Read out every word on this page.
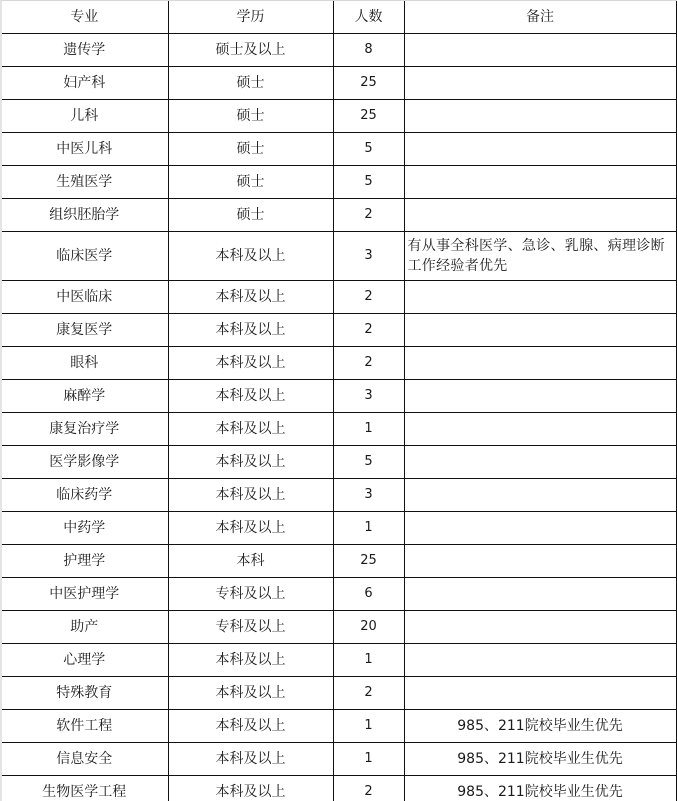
专业	学历	人数	备注
遗传学	硕士及以上	8	
妇产科	硕士	25	
儿科	硕士	25	
中医儿科	硕士	5	
生殖医学	硕士	5	
组织胚胎学	硕士	2	
临床医学	本科及以上	3	有从事全科医学、急诊、乳腺、病理诊断工作经验者优先
中医临床	本科及以上	2	
康复医学	本科及以上	2	
眼科	本科及以上	2	
麻醉学	本科及以上	3	
康复治疗学	本科及以上	1	
医学影像学	本科及以上	5	
临床药学	本科及以上	3	
中药学	本科及以上	1	
护理学	本科	25	
中医护理学	专科及以上	6	
助产	专科及以上	20	
心理学	本科及以上	1	
特殊教育	本科及以上	2	
软件工程	本科及以上	1	985、211院校毕业生优先
信息安全	本科及以上	1	985、211院校毕业生优先
生物医学工程	本科及以上	2	985、211院校毕业生优先
